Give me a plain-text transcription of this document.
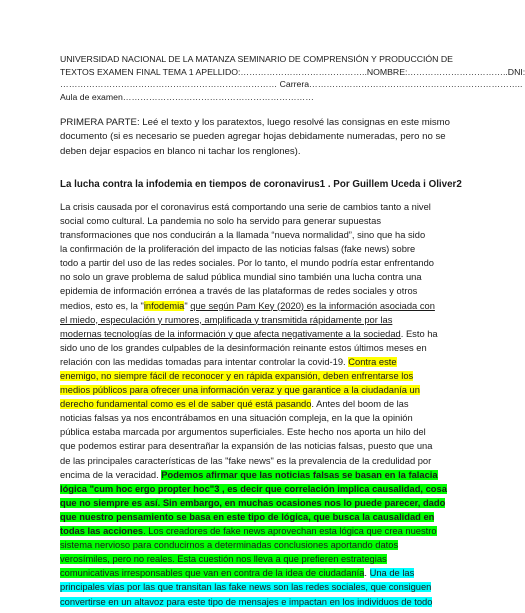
UNIVERSIDAD NACIONAL DE LA MATANZA SEMINARIO DE COMPRENSIÓN Y PRODUCCIÓN DE
TEXTOS EXAMEN FINAL TEMA 1 APELLIDO:……………………………………..NOMBRE:……………………………..DNI:
………………………………………………………………… Carrera………………………………………………………………..
Aula de examen…………………………………………………………
PRIMERA PARTE: Leé el texto y los paratextos, luego resolvé las consignas en este mismo
documento (si es necesario se pueden agregar hojas debidamente numeradas, pero no se
deben dejar espacios en blanco ni tachar los renglones).
La lucha contra la infodemia en tiempos de coronavirus1 . Por Guillem Uceda i Oliver2
La crisis causada por el coronavirus está comportando una serie de cambios tanto a nivel
social como cultural. La pandemia no solo ha servido para generar supuestas
transformaciones que nos conducirán a la llamada “nueva normalidad”, sino que ha sido
la confirmación de la proliferación del impacto de las noticias falsas (fake news) sobre
todo a partir del uso de las redes sociales. Por lo tanto, el mundo podría estar enfrentando
no solo un grave problema de salud pública mundial sino también una lucha contra una
epidemia de información errónea a través de las plataformas de redes sociales y otros
medios, esto es, la "infodemia" que según Pam Key (2020) es la información asociada con
el miedo, especulación y rumores, amplificada y transmitida rápidamente por las
modernas tecnologías de la información y que afecta negativamente a la sociedad. Esto ha
sido uno de los grandes culpables de la desinformación reinante estos últimos meses en
relación con las medidas tomadas para intentar controlar la covid-19. Contra este
enemigo, no siempre fácil de reconocer y en rápida expansión, deben enfrentarse los
medios públicos para ofrecer una información veraz y que garantice a la ciudadanía un
derecho fundamental como es el de saber qué está pasando. Antes del boom de las
noticias falsas ya nos encontrábamos en una situación compleja, en la que la opinión
pública estaba marcada por argumentos superficiales. Este hecho nos aporta un hilo del
que podemos estirar para desentrañar la expansión de las noticias falsas, puesto que una
de las principales características de las "fake news" es la prevalencia de la credulidad por
encima de la veracidad. Podemos afirmar que las noticias falsas se basan en la falacia
lógica "cum hoc ergo propter hoc"3 , es decir que correlación implica causalidad, cosa
que no siempre es así. Sin embargo, en muchas ocasiones nos lo puede parecer, dado
que nuestro pensamiento se basa en este tipo de lógica, que busca la causalidad en
todas las acciones. Los creadores de fake news aprovechan esta lógica que crea nuestro
sistema nervioso para conducirnos a determinadas conclusiones aportando datos
verosímiles, pero no reales. Esta cuestión nos lleva a que prefieren estrategias
comunicativas irresponsables que van en contra de la idea de ciudadanía. Una de las
principales vías por las que transitan las fake news son las redes sociales, que consiguen
convertirse en un altavoz para este tipo de mensajes e impactan en los individuos de todo
